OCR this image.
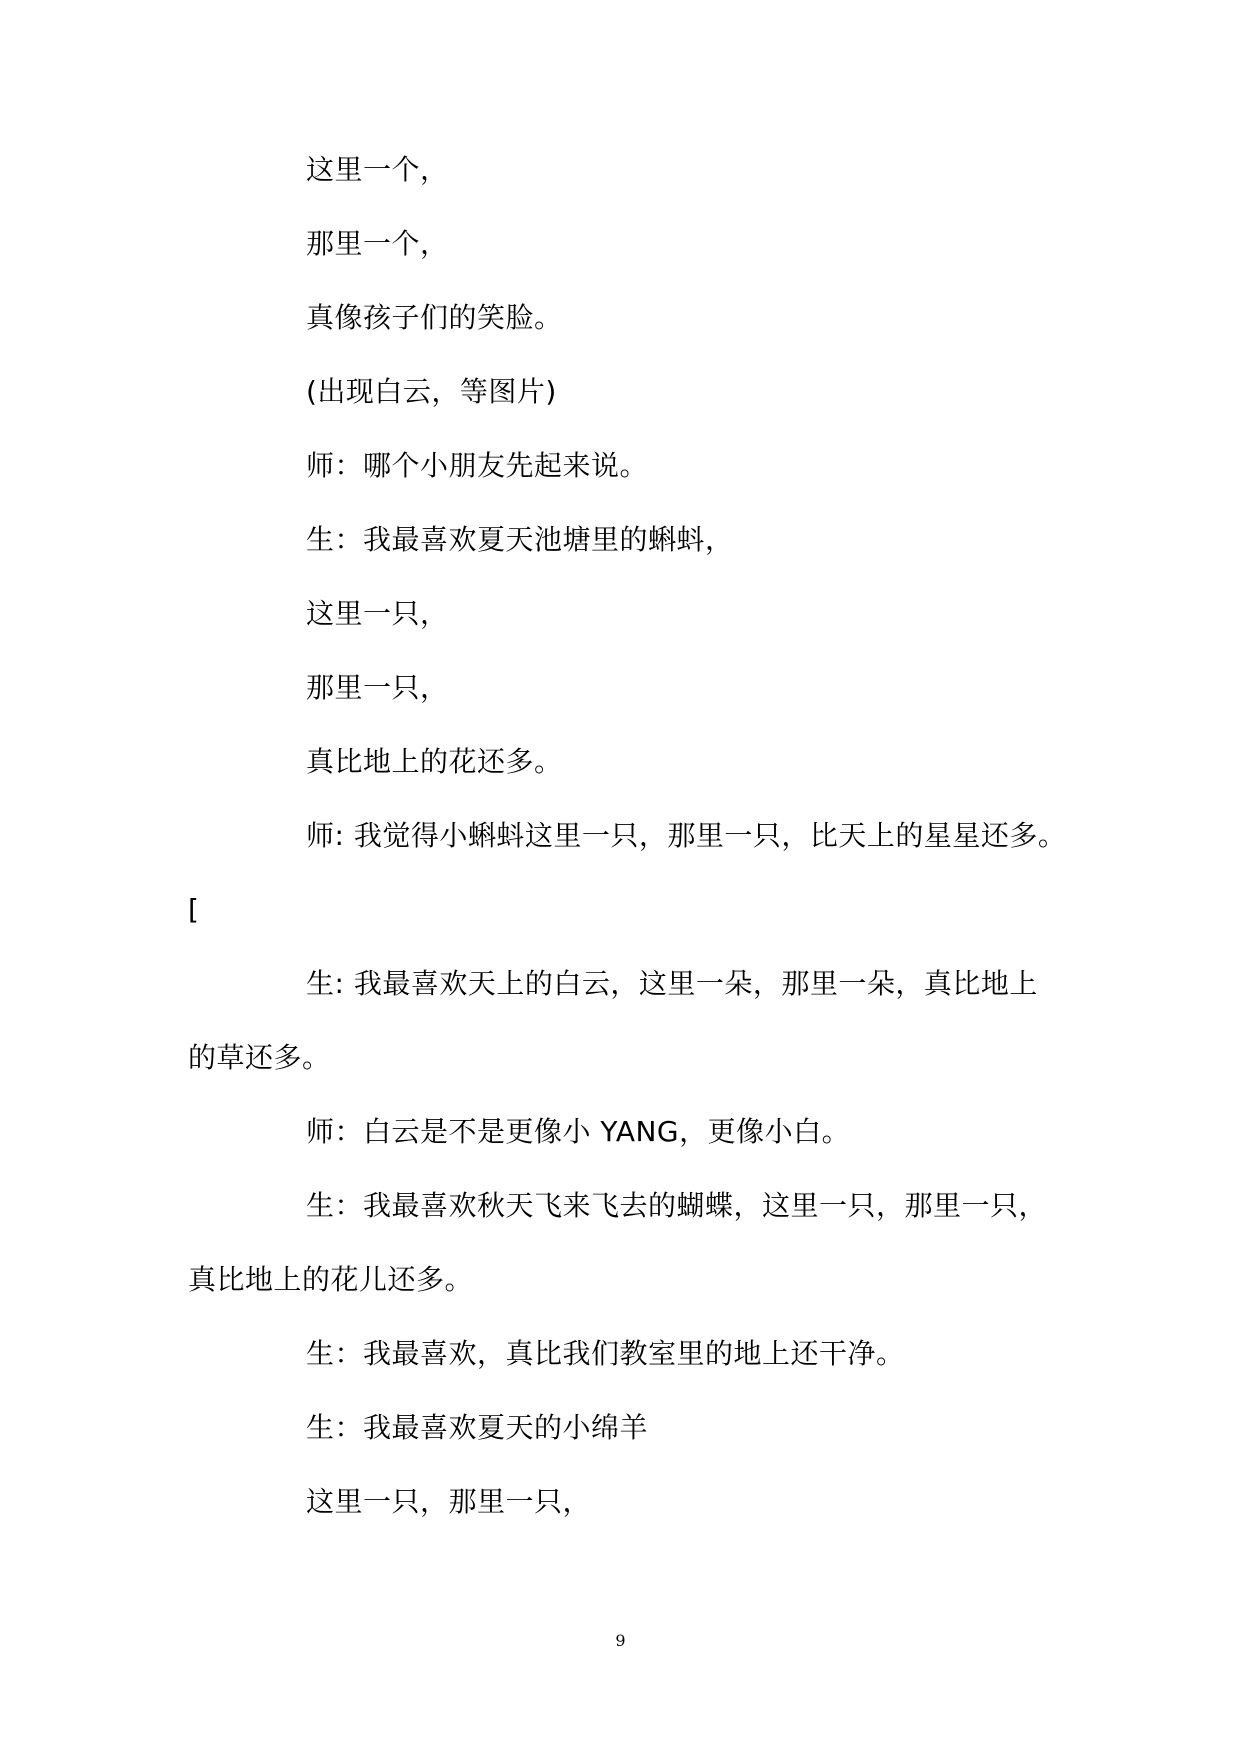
这里一个，
那里一个，
真像孩子们的笑脸。
(出现白云，等图片)
师：哪个小朋友先起来说。
生：我最喜欢夏天池塘里的蝌蚪，
这里一只，
那里一只，
真比地上的花还多。
师: 我觉得小蝌蚪这里一只，那里一只，比天上的星星还多。
[
生: 我最喜欢天上的白云，这里一朵，那里一朵，真比地上
的草还多。
师：白云是不是更像小 YANG，更像小白。
生：我最喜欢秋天飞来飞去的蝴蝶，这里一只，那里一只，
真比地上的花儿还多。
生：我最喜欢，真比我们教室里的地上还干净。
生：我最喜欢夏天的小绵羊
这里一只，那里一只，
9
